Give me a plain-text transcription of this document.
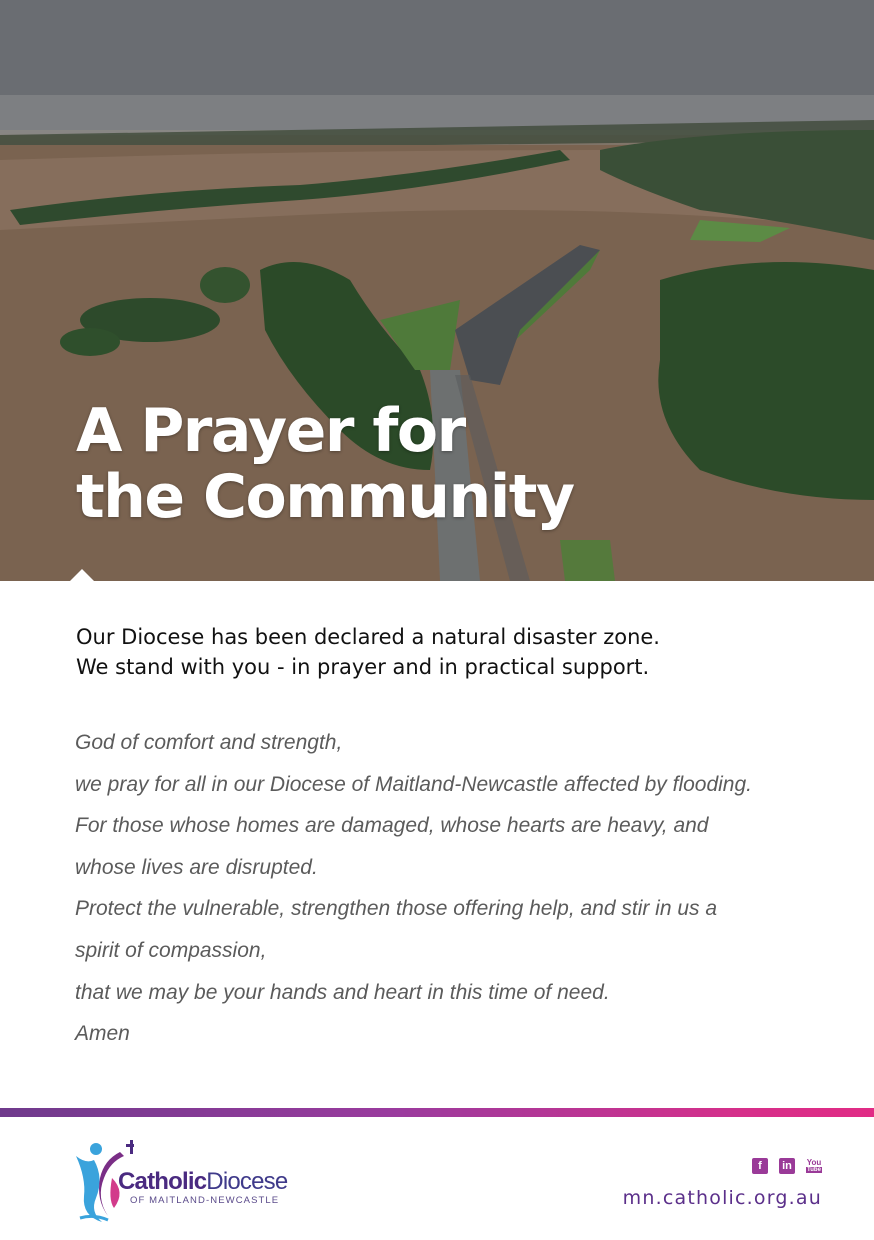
A Prayer for
the Community
Our Diocese has been declared a natural disaster zone.
We stand with you - in prayer and in practical support.
God of comfort and strength,
we pray for all in our Diocese of Maitland-Newcastle affected by flooding.
For those whose homes are damaged, whose hearts are heavy, and
whose lives are disrupted.
Protect the vulnerable, strengthen those offering help, and stir in us a
spirit of compassion,
that we may be your hands and heart in this time of need.
Amen
CatholicDiocese
OF MAITLAND-NEWCASTLE
f	in	You
Tube
mn.catholic.org.au
